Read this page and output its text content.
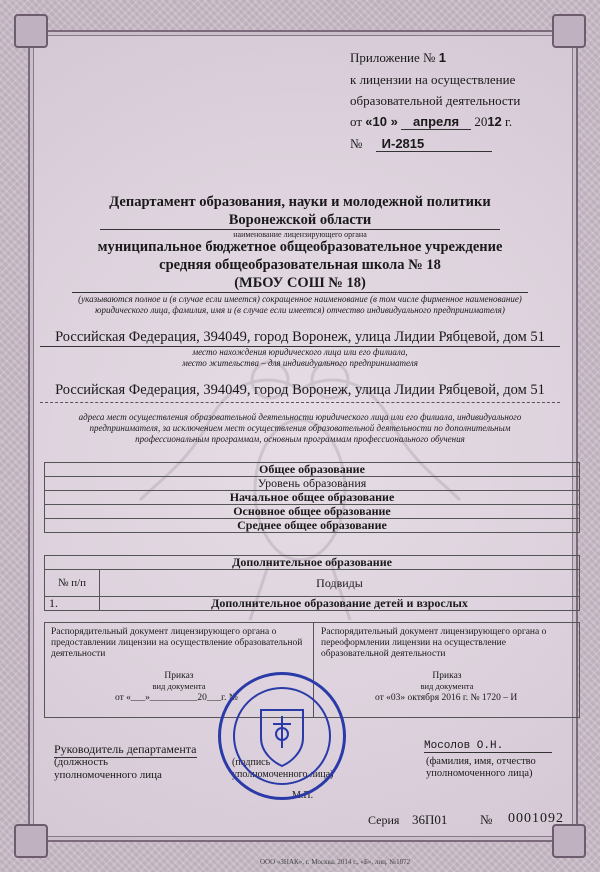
Приложение № 1
к лицензии на осуществление
образовательной деятельности
от «10 » апреля 2012 г.
№ И-2815
Департамент образования, науки и молодежной политики
Воронежской области
наименование лицензирующего органа
муниципальное бюджетное общеобразовательное учреждение
средняя общеобразовательная школа № 18
(МБОУ СОШ № 18)
(указываются полное и (в случае если имеется) сокращенное наименование (в том числе фирменное наименование) юридического лица, фамилия, имя и (в случае если имеется) отчество индивидуального предпринимателя)
Российская Федерация, 394049, город Воронеж, улица Лидии Рябцевой, дом 51
место нахождения юридического лица или его филиала,
место жительства – для индивидуального предпринимателя
Российская Федерация, 394049, город Воронеж, улица Лидии Рябцевой, дом 51
адреса мест осуществления образовательной деятельности юридического лица или его филиала, индивидуального предпринимателя, за исключением мест осуществления образовательной деятельности по дополнительным профессиональным программам, основным программам профессионального обучения
Общее образование
Уровень образования
Начальное общее образование
Основное общее образование
Среднее общее образование
Дополнительное образование	
№ п/п	Подвиды
1.	Дополнительное образование детей и взрослых
Распорядительный документ лицензирующего органа о предоставлении лицензии на осуществление образовательной деятельности
Приказ
вид документа
от «___»__________20___г. №
Распорядительный документ лицензирующего органа о переоформлении лицензии на осуществление образовательной деятельности
Приказ
вид документа
от «03» октября 2016 г. № 1720 – И
Руководитель департамента
(должность
уполномоченного лица
(подпись
уполномоченного лица)
Мосолов О.Н.
(фамилия, имя, отчество
уполномоченного лица)
М.П.
Серия 36П01	№ 0001092
ООО «ЗНАК», г. Москва, 2014 г., «Б», лиц. №1872
